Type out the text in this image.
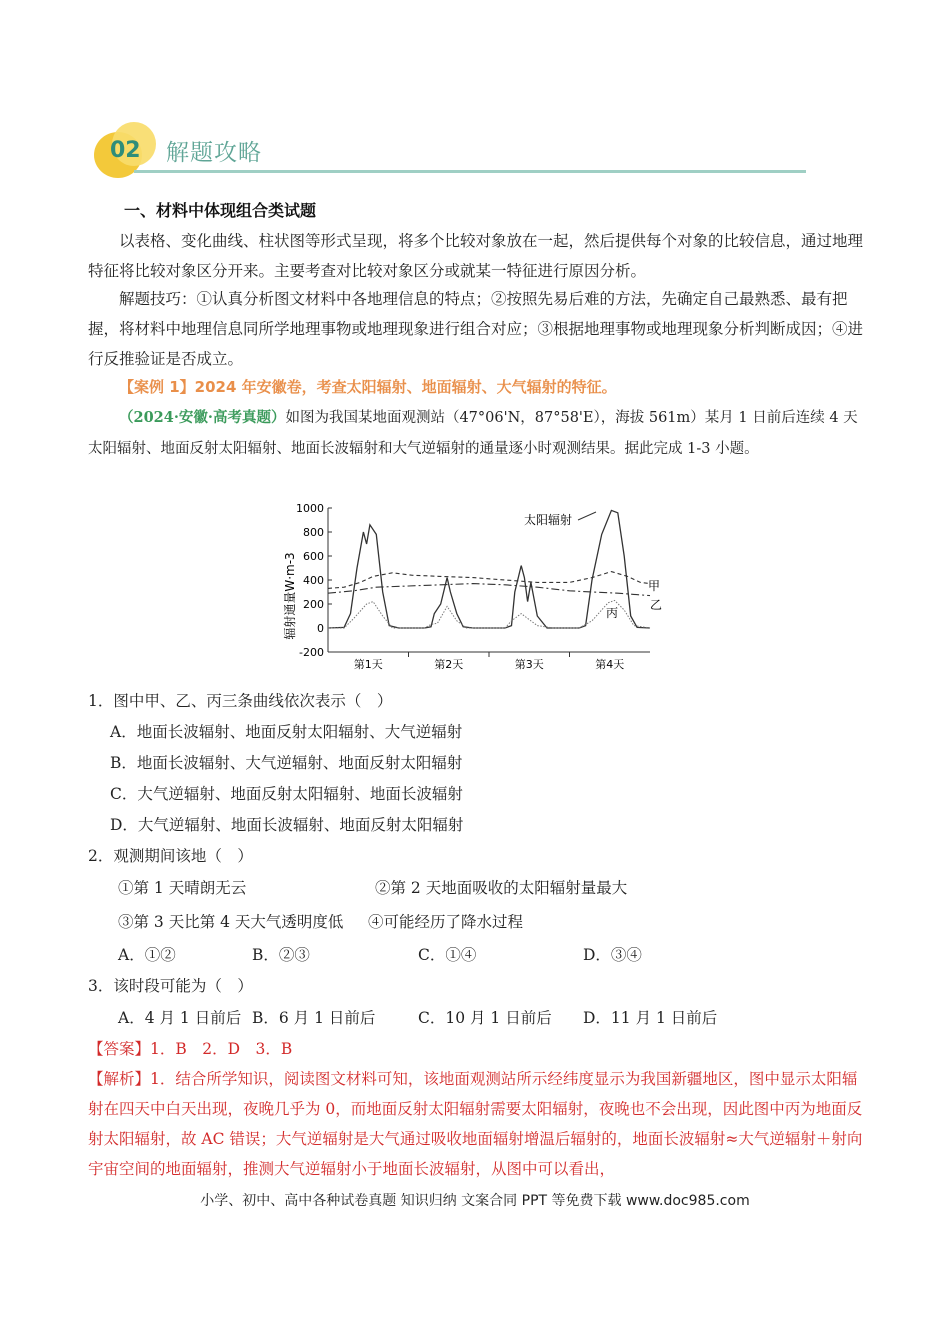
02 解题攻略

一、材料中体现组合类试题

以表格、变化曲线、柱状图等形式呈现，将多个比较对象放在一起，然后提供每个对象的比较信息，通过地理特征将比较对象区分开来。主要考查对比较对象区分或就某一特征进行原因分析。

解题技巧：①认真分析图文材料中各地理信息的特点；②按照先易后难的方法，先确定自己最熟悉、最有把握，将材料中地理信息同所学地理事物或地理现象进行组合对应；③根据地理事物或地理现象分析判断成因；④进行反推验证是否成立。

【案例 1】2024 年安徽卷，考查太阳辐射、地面辐射、大气辐射的特征。

（2024·安徽·高考真题）如图为我国某地面观测站（47°06'N，87°58'E），海拔 561m）某月 1 日前后连续 4 天太阳辐射、地面反射太阳辐射、地面长波辐射和大气逆辐射的通量逐小时观测结果。据此完成 1-3 小题。

1000
800
600
400
200
0
-200
第1天	第2天	第3天	第4天
辐射通量W·m-3
太阳辐射
甲
乙
丙

1．图中甲、乙、丙三条曲线依次表示（　）

A．地面长波辐射、地面反射太阳辐射、大气逆辐射
B．地面长波辐射、大气逆辐射、地面反射太阳辐射
C．大气逆辐射、地面反射太阳辐射、地面长波辐射
D．大气逆辐射、地面长波辐射、地面反射太阳辐射

2．观测期间该地（　）

①第 1 天晴朗无云	②第 2 天地面吸收的太阳辐射量最大
③第 3 天比第 4 天大气透明度低 ④可能经历了降水过程
A．①②	B．②③	C．①④	D．③④

3．该时段可能为（　）

A．4 月 1 日前后 B．6 月 1 日前后	C．10 月 1 日前后 D．11 月 1 日前后

【答案】1．B　2．D　3．B

【解析】1．结合所学知识，阅读图文材料可知，该地面观测站所示经纬度显示为我国新疆地区，图中显示太阳辐射在四天中白天出现，夜晚几乎为 0，而地面反射太阳辐射需要太阳辐射，夜晚也不会出现，因此图中丙为地面反射太阳辐射，故 AC 错误；大气逆辐射是大气通过吸收地面辐射增温后辐射的，地面长波辐射≈大气逆辐射＋射向宇宙空间的地面辐射，推测大气逆辐射小于地面长波辐射，从图中可以看出，

小学、初中、高中各种试卷真题 知识归纳 文案合同 PPT 等免费下载 www.doc985.com
